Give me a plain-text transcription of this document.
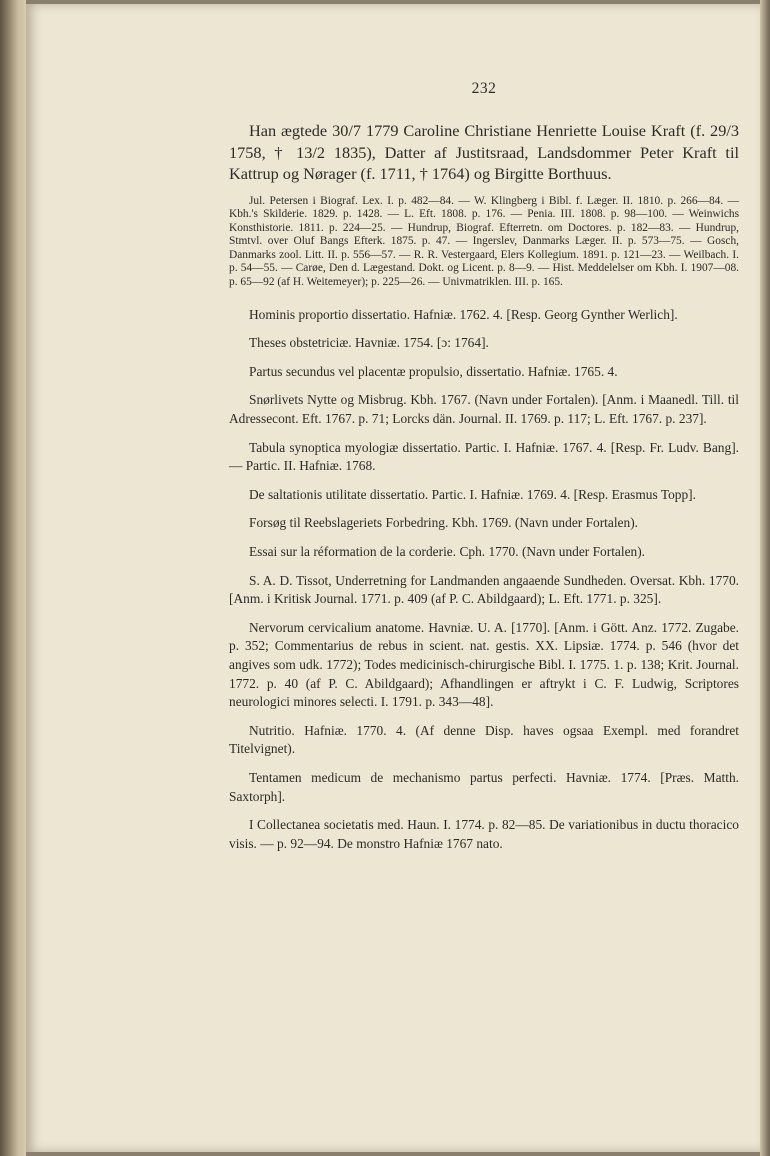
232

Han ægtede 30/7 1779 Caroline Christiane Henriette Louise Kraft (f. 29/3 1758, † 13/2 1835), Datter af Justitsraad, Landsdommer Peter Kraft til Kattrup og Nørager (f. 1711, † 1764) og Birgitte Borthuus.

Jul. Petersen i Biograf. Lex. I. p. 482—84. — W. Klingberg i Bibl. f. Læger. II. 1810. p. 266—84. — Kbh.'s Skilderie. 1829. p. 1428. — L. Eft. 1808. p. 176. — Penia. III. 1808. p. 98—100. — Weinwichs Konsthistorie. 1811. p. 224—25. — Hundrup, Biograf. Efterretn. om Doctores. p. 182—83. — Hundrup, Stmtvl. over Oluf Bangs Efterk. 1875. p. 47. — Ingerslev, Danmarks Læger. II. p. 573—75. — Gosch, Danmarks zool. Litt. II. p. 556—57. — R. R. Vestergaard, Elers Kollegium. 1891. p. 121—23. — Weilbach. I. p. 54—55. — Carøe, Den d. Lægestand. Dokt. og Licent. p. 8—9. — Hist. Meddelelser om Kbh. I. 1907—08. p. 65—92 (af H. Weitemeyer); p. 225—26. — Univmatriklen. III. p. 165.

Hominis proportio dissertatio. Hafniæ. 1762. 4. [Resp. Georg Gynther Werlich].

Theses obstetriciæ. Havniæ. 1754. [ɔ: 1764].

Partus secundus vel placentæ propulsio, dissertatio. Hafniæ. 1765. 4.

Snørlivets Nytte og Misbrug. Kbh. 1767. (Navn under Fortalen). [Anm. i Maanedl. Till. til Adressecont. Eft. 1767. p. 71; Lorcks dän. Journal. II. 1769. p. 117; L. Eft. 1767. p. 237].

Tabula synoptica myologiæ dissertatio. Partic. I. Hafniæ. 1767. 4. [Resp. Fr. Ludv. Bang]. — Partic. II. Hafniæ. 1768.

De saltationis utilitate dissertatio. Partic. I. Hafniæ. 1769. 4. [Resp. Erasmus Topp].

Forsøg til Reebslageriets Forbedring. Kbh. 1769. (Navn under Fortalen).

Essai sur la réformation de la corderie. Cph. 1770. (Navn under Fortalen).

S. A. D. Tissot, Underretning for Landmanden angaaende Sundheden. Oversat. Kbh. 1770. [Anm. i Kritisk Journal. 1771. p. 409 (af P. C. Abildgaard); L. Eft. 1771. p. 325].

Nervorum cervicalium anatome. Havniæ. U. A. [1770]. [Anm. i Gött. Anz. 1772. Zugabe. p. 352; Commentarius de rebus in scient. nat. gestis. XX. Lipsiæ. 1774. p. 546 (hvor det angives som udk. 1772); Todes medicinisch-chirurgische Bibl. I. 1775. 1. p. 138; Krit. Journal. 1772. p. 40 (af P. C. Abildgaard); Afhandlingen er aftrykt i C. F. Ludwig, Scriptores neurologici minores selecti. I. 1791. p. 343—48].

Nutritio. Hafniæ. 1770. 4. (Af denne Disp. haves ogsaa Exempl. med forandret Titelvignet).

Tentamen medicum de mechanismo partus perfecti. Havniæ. 1774. [Præs. Matth. Saxtorph].

I Collectanea societatis med. Haun. I. 1774. p. 82—85. De variationibus in ductu thoracico visis. — p. 92—94. De monstro Hafniæ 1767 nato.
